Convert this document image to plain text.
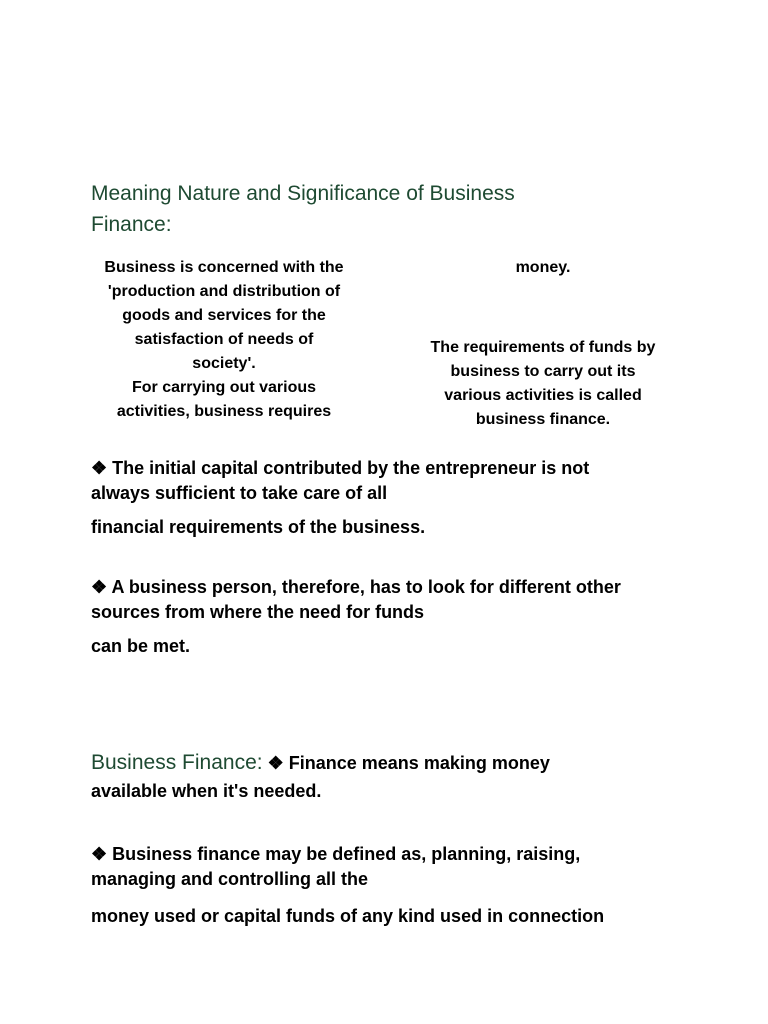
Meaning Nature and Significance of Business
Finance:
Business is concerned with the
'production and distribution of
goods and services for the
satisfaction of needs of
society'.
For carrying out various
activities, business requires
money.
The requirements of funds by
business to carry out its
various activities is called
business finance.

❖ The initial capital contributed by the entrepreneur is not
always sufficient to take care of all

financial requirements of the business.

❖ A business person, therefore, has to look for different other
sources from where the need for funds

can be met.

Business Finance: ❖ Finance means making money
available when it's needed.

❖ Business finance may be defined as, planning, raising,
managing and controlling all the

money used or capital funds of any kind used in connection
